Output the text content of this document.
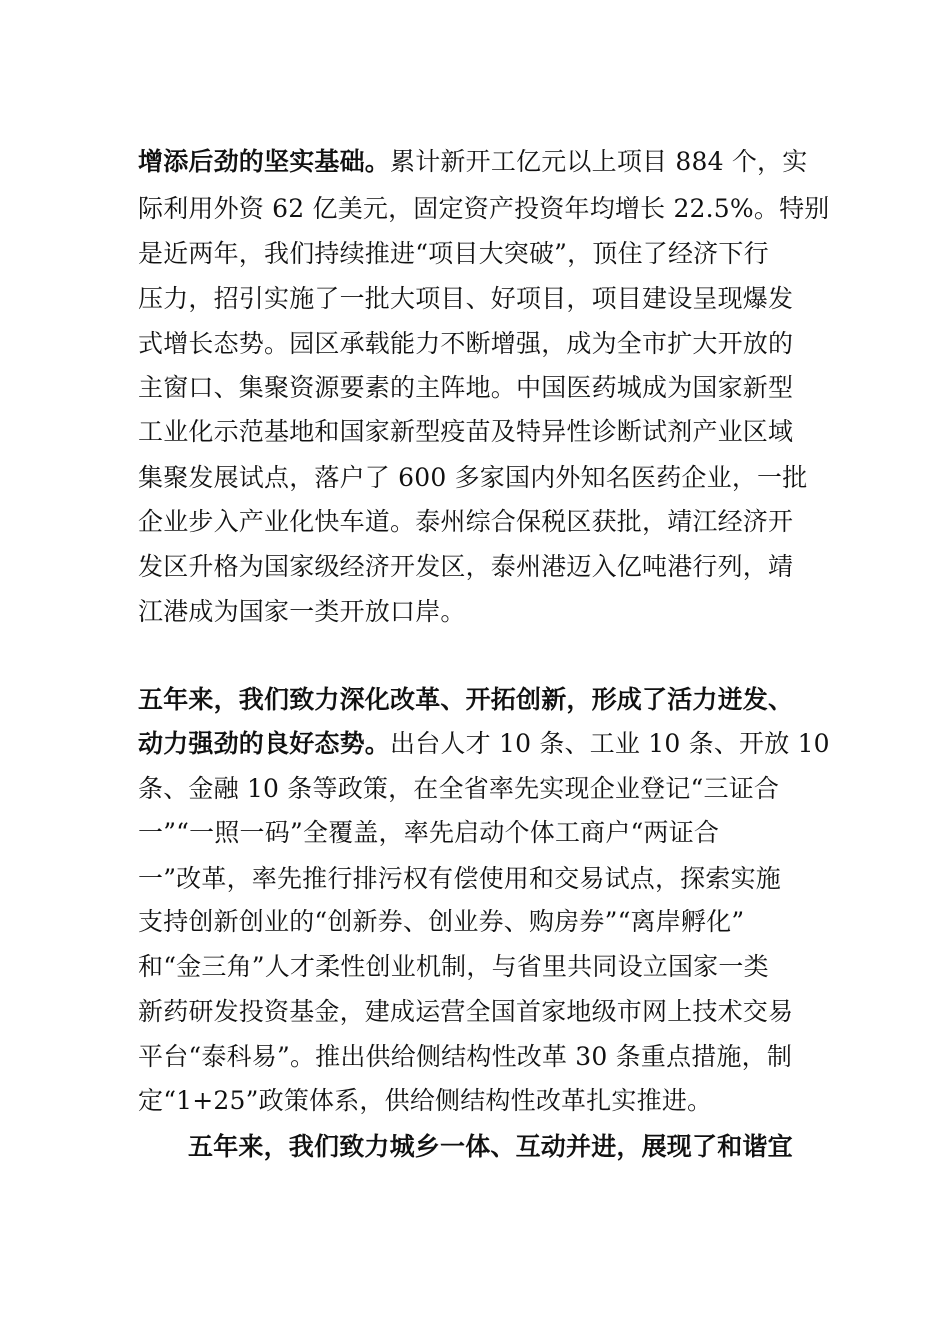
增添后劲的坚实基础。累计新开工亿元以上项目 884 个，实
际利用外资 62 亿美元，固定资产投资年均增长 22.5%。特别
是近两年，我们持续推进“项目大突破”，顶住了经济下行
压力，招引实施了一批大项目、好项目，项目建设呈现爆发
式增长态势。园区承载能力不断增强，成为全市扩大开放的
主窗口、集聚资源要素的主阵地。中国医药城成为国家新型
工业化示范基地和国家新型疫苗及特异性诊断试剂产业区域
集聚发展试点，落户了 600 多家国内外知名医药企业，一批
企业步入产业化快车道。泰州综合保税区获批，靖江经济开
发区升格为国家级经济开发区，泰州港迈入亿吨港行列，靖
江港成为国家一类开放口岸。
五年来，我们致力深化改革、开拓创新，形成了活力迸发、
动力强劲的良好态势。出台人才 10 条、工业 10 条、开放 10
条、金融 10 条等政策，在全省率先实现企业登记“三证合
一”“一照一码”全覆盖，率先启动个体工商户“两证合
一”改革，率先推行排污权有偿使用和交易试点，探索实施
支持创新创业的“创新券、创业券、购房券”“离岸孵化”
和“金三角”人才柔性创业机制，与省里共同设立国家一类
新药研发投资基金，建成运营全国首家地级市网上技术交易
平台“泰科易”。推出供给侧结构性改革 30 条重点措施，制
定“1+25”政策体系，供给侧结构性改革扎实推进。
五年来，我们致力城乡一体、互动并进，展现了和谐宜
